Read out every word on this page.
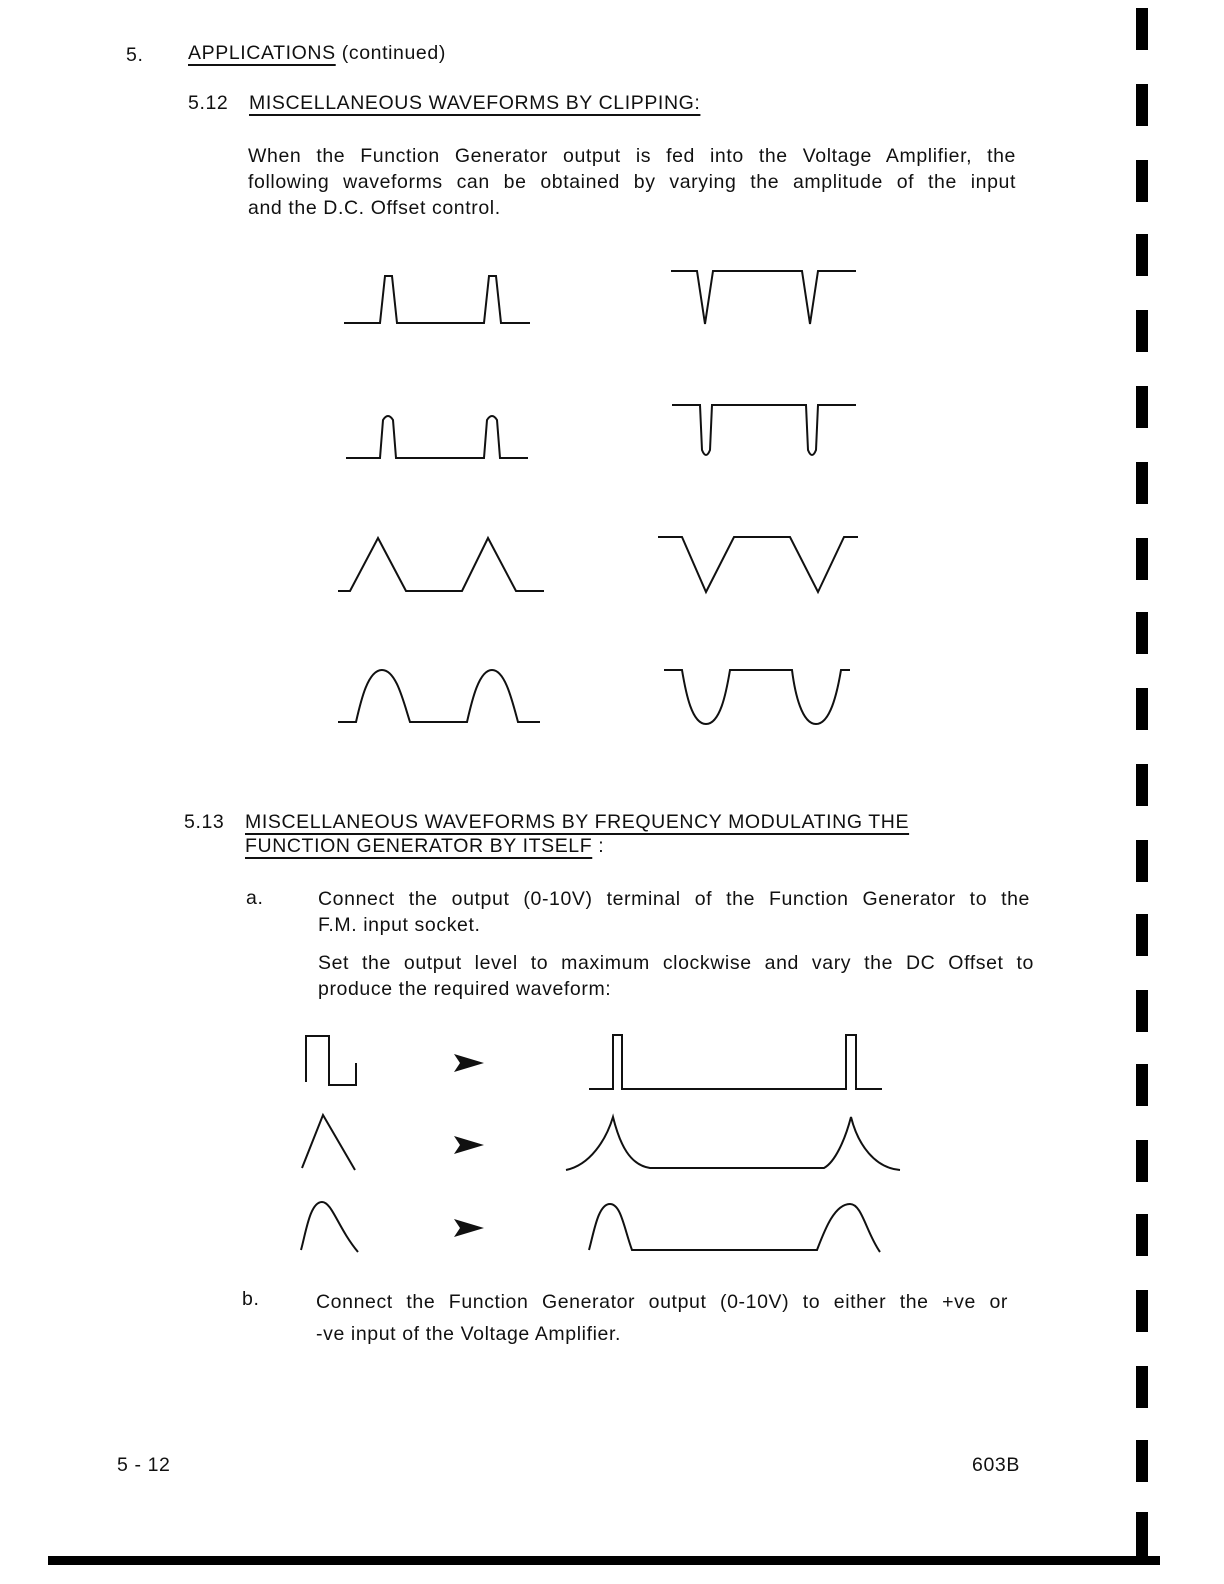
5. APPLICATIONS (continued)
5.12 MISCELLANEOUS WAVEFORMS BY CLIPPING:
When the Function Generator output is fed into the Voltage Amplifier, the
following waveforms can be obtained by varying the amplitude of the input
and the D.C. Offset control.
5.13 MISCELLANEOUS WAVEFORMS BY FREQUENCY MODULATING THE
FUNCTION GENERATOR BY ITSELF :
a.	Connect the output (0-10V) terminal of the Function Generator to the
F.M. input socket.
Set the output level to maximum clockwise and vary the DC Offset to
produce the required waveform:
b.	Connect the Function Generator output (0-10V) to either the +ve or
-ve input of the Voltage Amplifier.
5 - 12	603B
